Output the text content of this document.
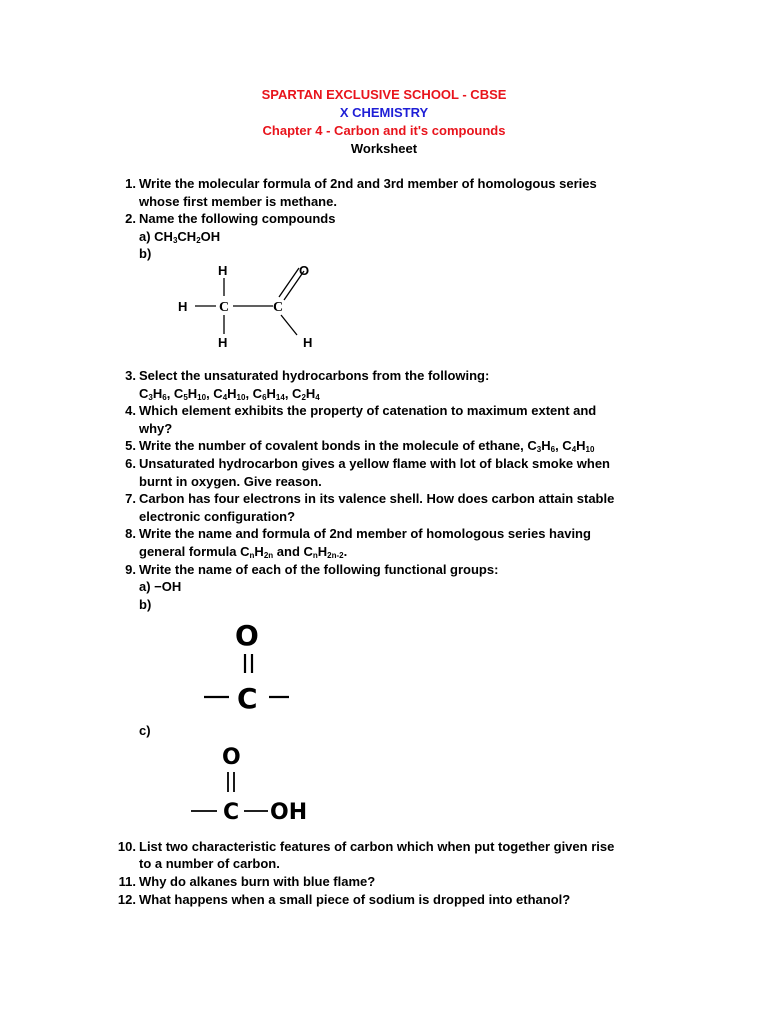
SPARTAN EXCLUSIVE SCHOOL - CBSE
X CHEMISTRY
Chapter 4 - Carbon and it's compounds
Worksheet
1. Write the molecular formula of 2nd and 3rd member of homologous series
whose first member is methane.
2. Name the following compounds
a) $CH_3CH_2OH$
b)
H
H
H	H
O
C	C
3. Select the unsaturated hydrocarbons from the following:
$C_3H_6$, $C_5H_{10}$, $C_4H_{10}$, $C_6H_{14}$, $C_2H_4$
4. Which element exhibits the property of catenation to maximum extent and
why?
5. Write the number of covalent bonds in the molecule of ethane, $C_3H_6$, $C_4H_{10}$
6. Unsaturated hydrocarbon gives a yellow flame with lot of black smoke when
burnt in oxygen. Give reason.
7. Carbon has four electrons in its valence shell. How does carbon attain stable
electronic configuration?
8. Write the name and formula of 2nd member of homologous series having
general formula $C_nH_{2n}$ and $C_nH_{2n-2}$.
9. Write the name of each of the following functional groups:
a) −OH
b)
O
C
c)
O
C OH
10. List two characteristic features of carbon which when put together given rise
to a number of carbon.
11. Why do alkanes burn with blue flame?
12. What happens when a small piece of sodium is dropped into ethanol?
